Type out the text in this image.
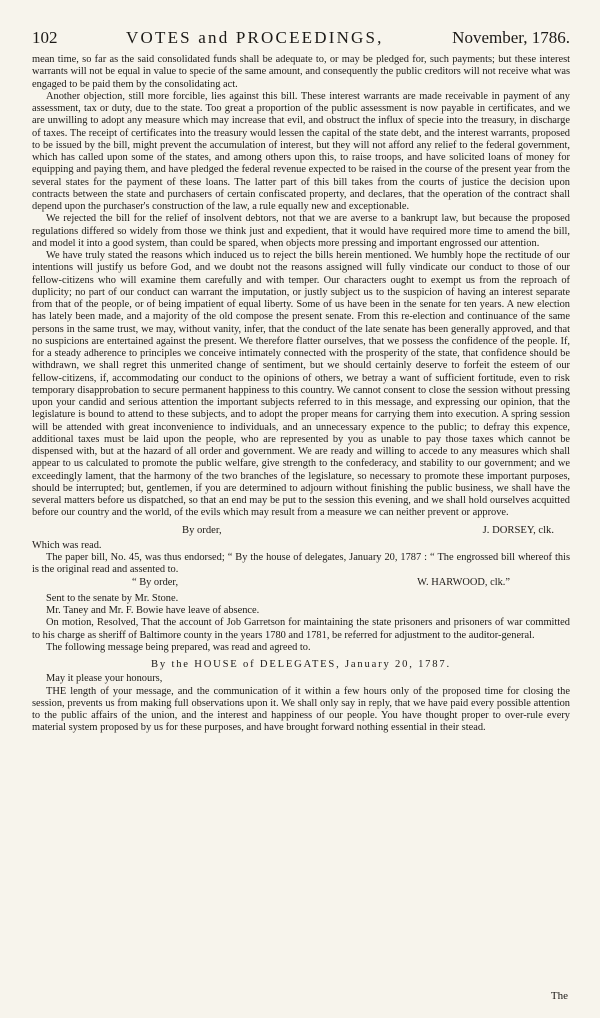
102	VOTES and PROCEEDINGS,	November, 1786.

mean time, so far as the said consolidated funds shall be adequate to, or may be pledged for, such payments; but these interest warrants will not be equal in value to specie of the same amount, and consequently the public creditors will not receive what was engaged to be paid them by the consolidating act.

Another objection, still more forcible, lies against this bill. These interest warrants are made receivable in payment of any assessment, tax or duty, due to the state. Too great a proportion of the public assessment is now payable in certificates, and we are unwilling to adopt any measure which may increase that evil, and obstruct the influx of specie into the treasury, in discharge of taxes. The receipt of certificates into the treasury would lessen the capital of the state debt, and the interest warrants, proposed to be issued by the bill, might prevent the accumulation of interest, but they will not afford any relief to the federal government, which has called upon some of the states, and among others upon this, to raise troops, and have solicited loans of money for equipping and paying them, and have pledged the federal revenue expected to be raised in the course of the present year from the several states for the payment of these loans. The latter part of this bill takes from the courts of justice the decision upon contracts between the state and purchasers of certain confiscated property, and declares, that the operation of the contract shall depend upon the purchaser's construction of the law, a rule equally new and exceptionable.

We rejected the bill for the relief of insolvent debtors, not that we are averse to a bankrupt law, but because the proposed regulations differed so widely from those we think just and expedient, that it would have required more time to amend the bill, and model it into a good system, than could be spared, when objects more pressing and important engrossed our attention.

We have truly stated the reasons which induced us to reject the bills herein mentioned. We humbly hope the rectitude of our intentions will justify us before God, and we doubt not the reasons assigned will fully vindicate our conduct to those of our fellow-citizens who will examine them carefully and with temper. Our characters ought to exempt us from the reproach of duplicity; no part of our conduct can warrant the imputation, or justly subject us to the suspicion of having an interest separate from that of the people, or of being impatient of equal liberty. Some of us have been in the senate for ten years. A new election has lately been made, and a majority of the old compose the present senate. From this re-election and continuance of the same persons in the same trust, we may, without vanity, infer, that the conduct of the late senate has been generally approved, and that no suspicions are entertained against the present. We therefore flatter ourselves, that we possess the confidence of the people. If, for a steady adherence to principles we conceive intimately connected with the prosperity of the state, that confidence should be withdrawn, we shall regret this unmerited change of sentiment, but we should certainly deserve to forfeit the esteem of our fellow-citizens, if, accommodating our conduct to the opinions of others, we betray a want of sufficient fortitude, even to risk temporary disapprobation to secure permanent happiness to this country. We cannot consent to close the session without pressing upon your candid and serious attention the important subjects referred to in this message, and expressing our opinion, that the legislature is bound to attend to these subjects, and to adopt the proper means for carrying them into execution. A spring session will be attended with great inconvenience to individuals, and an unnecessary expence to the public; to defray this expence, additional taxes must be laid upon the people, who are represented by you as unable to pay those taxes which cannot be dispensed with, but at the hazard of all order and government. We are ready and willing to accede to any measures which shall appear to us calculated to promote the public welfare, give strength to the confederacy, and stability to our government; and we exceedingly lament, that the harmony of the two branches of the legislature, so necessary to promote these important purposes, should be interrupted; but, gentlemen, if you are determined to adjourn without finishing the public business, we shall have the several matters before us dispatched, so that an end may be put to the session this evening, and we shall hold ourselves acquitted before our country and the world, of the evils which may result from a measure we can neither prevent or approve.

By order,	J. DORSEY, clk.

Which was read.

The paper bill, No. 45, was thus endorsed; “ By the house of delegates, January 20, 1787 : “ The engrossed bill whereof this is the original read and assented to.

“ By order,	W. HARWOOD, clk.”

Sent to the senate by Mr. Stone.

Mr. Taney and Mr. F. Bowie have leave of absence.

On motion, Resolved, That the account of Job Garretson for maintaining the state prisoners and prisoners of war committed to his charge as sheriff of Baltimore county in the years 1780 and 1781, be referred for adjustment to the auditor-general.

The following message being prepared, was read and agreed to.

By the HOUSE of DELEGATES, January 20, 1787.

May it please your honours,

THE length of your message, and the communication of it within a few hours only of the proposed time for closing the session, prevents us from making full observations upon it. We shall only say in reply, that we have paid every possible attention to the public affairs of the union, and the interest and happiness of our people. You have thought proper to over-rule every material system proposed by us for these purposes, and have brought forward nothing essential in their stead.

The
